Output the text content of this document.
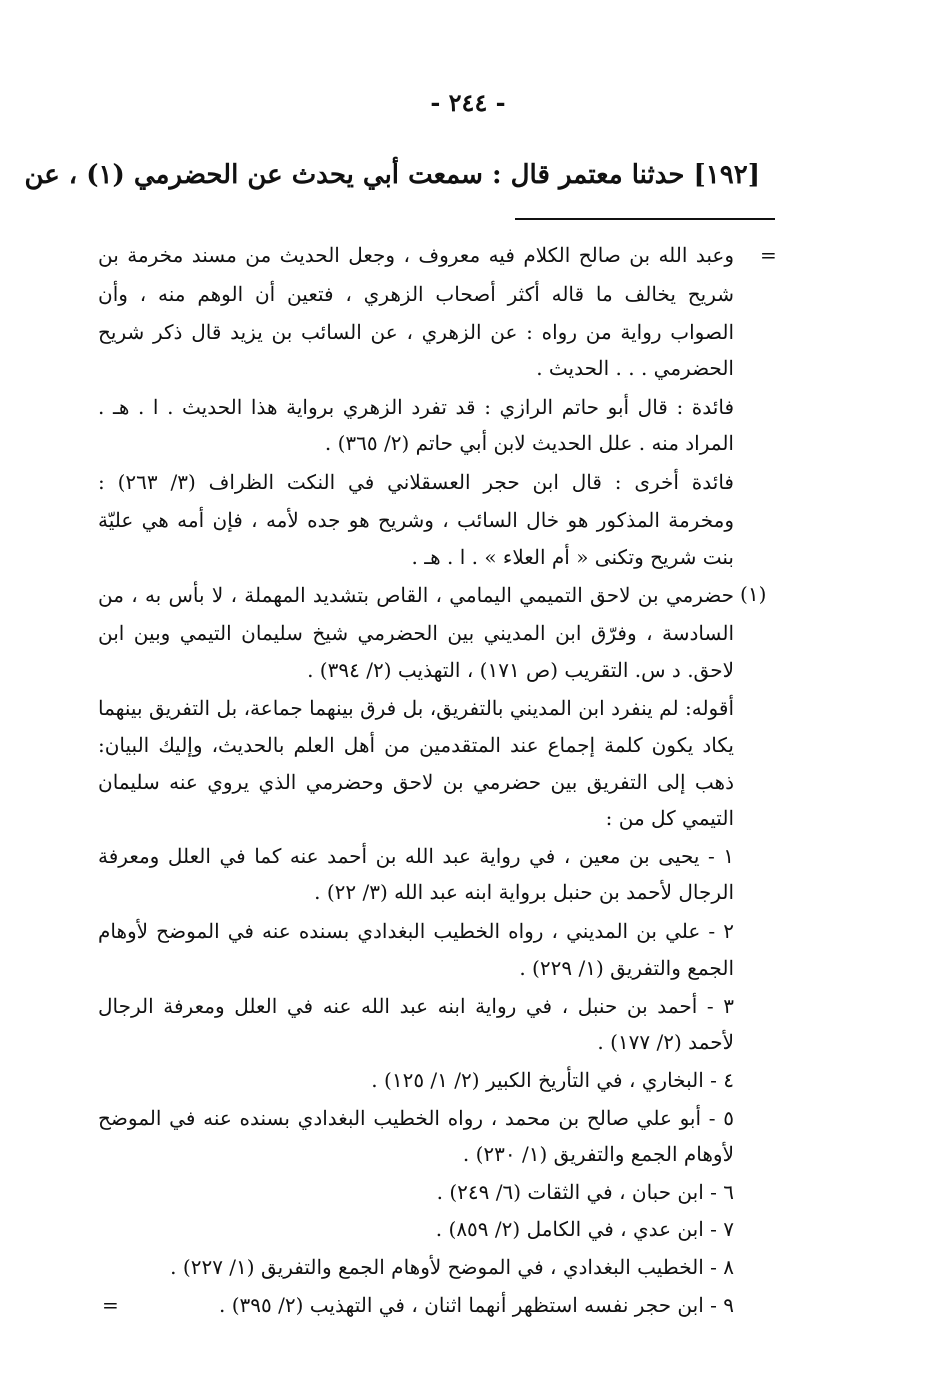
- ٢٤٤ -
[١٩٢] حدثنا معتمر قال : سمعت أبي يحدث عن الحضرمي (١) ، عن
=
(١)
=
وعبد الله بن صالح الكلام فيه معروف ، وجعل الحديث من مسند مخرمة بن
شريح يخالف ما قاله أكثر أصحاب الزهري ، فتعين أن الوهم منه ، وأن
الصواب رواية من رواه : عن الزهري ، عن السائب بن يزيد قال ذكر شريح
الحضرمي . . . الحديث .
فائدة : قال أبو حاتم الرازي : قد تفرد الزهري برواية هذا الحديث . ا . هـ .
المراد منه . علل الحديث لابن أبي حاتم (٢/ ٣٦٥) .
فائدة أخرى : قال ابن حجر العسقلاني في النكت الظراف (٣/ ٢٦٣) :
ومخرمة المذكور هو خال السائب ، وشريح هو جده لأمه ، فإن أمه هي عليّة
بنت شريح وتكنى « أم العلاء » . ا . هـ .
حضرمي بن لاحق التميمي اليمامي ، القاص بتشديد المهملة ، لا بأس به ، من
السادسة ، وفرّق ابن المديني بين الحضرمي شيخ سليمان التيمي وبين ابن
لاحق. د س. التقريب (ص ١٧١) ، التهذيب (٢/ ٣٩٤) .
أقوله: لم ينفرد ابن المديني بالتفريق، بل فرق بينهما جماعة، بل التفريق بينهما
يكاد يكون كلمة إجماع عند المتقدمين من أهل العلم بالحديث، وإليك البيان:
ذهب إلى التفريق بين حضرمي بن لاحق وحضرمي الذي يروي عنه سليمان
التيمي كل من :
١ - يحيى بن معين ، في رواية عبد الله بن أحمد عنه كما في العلل ومعرفة
الرجال لأحمد بن حنبل برواية ابنه عبد الله (٣/ ٢٢) .
٢ - علي بن المديني ، رواه الخطيب البغدادي بسنده عنه في الموضح لأوهام
الجمع والتفريق (١/ ٢٢٩) .
٣ - أحمد بن حنبل ، في رواية ابنه عبد الله عنه في العلل ومعرفة الرجال
لأحمد (٢/ ١٧٧) .
٤ - البخاري ، في التأريخ الكبير (٢/ ١/ ١٢٥) .
٥ - أبو علي صالح بن محمد ، رواه الخطيب البغدادي بسنده عنه في الموضح
لأوهام الجمع والتفريق (١/ ٢٣٠) .
٦ - ابن حبان ، في الثقات (٦/ ٢٤٩) .
٧ - ابن عدي ، في الكامل (٢/ ٨٥٩) .
٨ - الخطيب البغدادي ، في الموضح لأوهام الجمع والتفريق (١/ ٢٢٧) .
٩ - ابن حجر نفسه استظهر أنهما اثنان ، في التهذيب (٢/ ٣٩٥) .
